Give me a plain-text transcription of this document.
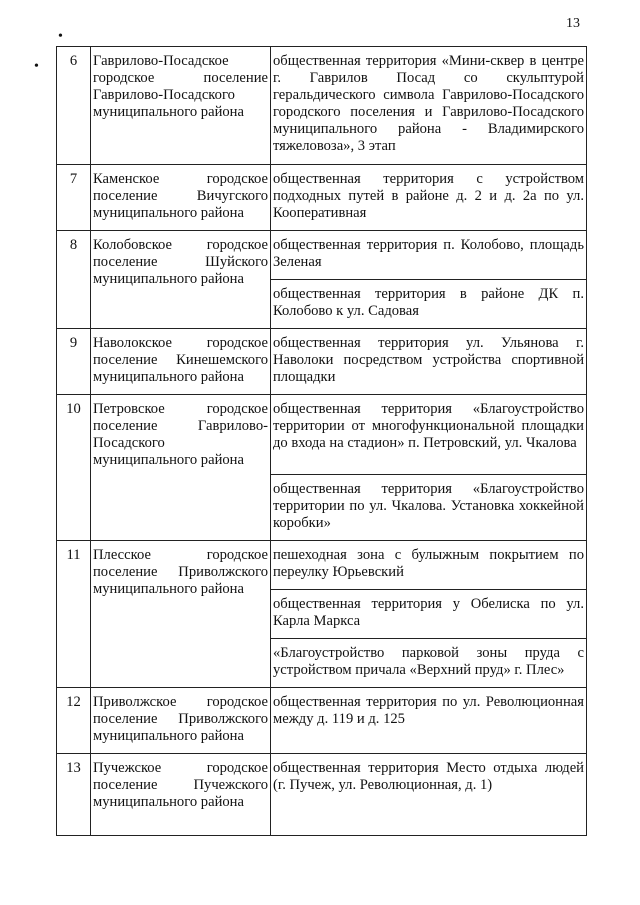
13
•
• 6	Гаврилово-Посадское городское поселение Гаврилово-Посадского муниципального района	общественная территория «Мини-сквер в центре г. Гаврилов Посад со скульптурой геральдического символа Гаврилово-Посадского городского поселения и Гаврилово-Посадского муниципального района - Владимирского тяжеловоза», 3 этап
7	Каменское городское поселение Вичугского муниципального района	общественная территория с устройством подходных путей в районе д. 2 и д. 2а по ул. Кооперативная
8	Колобовское городское поселение Шуйского муниципального района	общественная территория п. Колобово, площадь Зеленая
		общественная территория в районе ДК п. Колобово к ул. Садовая
9	Наволокское городское поселение Кинешемского муниципального района	общественная территория ул. Ульянова г. Наволоки посредством устройства спортивной площадки
10	Петровское городское поселение Гаврилово-Посадского муниципального района	общественная территория «Благоустройство территории от многофункциональной площадки до входа на стадион» п. Петровский, ул. Чкалова
		общественная территория «Благоустройство территории по ул. Чкалова. Установка хоккейной коробки»
11	Плесское городское поселение Приволжского муниципального района	пешеходная зона с булыжным покрытием по переулку Юрьевский
		общественная территория у Обелиска по ул. Карла Маркса
		«Благоустройство парковой зоны пруда с устройством причала «Верхний пруд» г. Плес»
12	Приволжское городское поселение Приволжского муниципального района	общественная территория по ул. Революционная между д. 119 и д. 125
13	Пучежское городское поселение Пучежского муниципального района	общественная территория Место отдыха людей (г. Пучеж, ул. Революционная, д. 1)
